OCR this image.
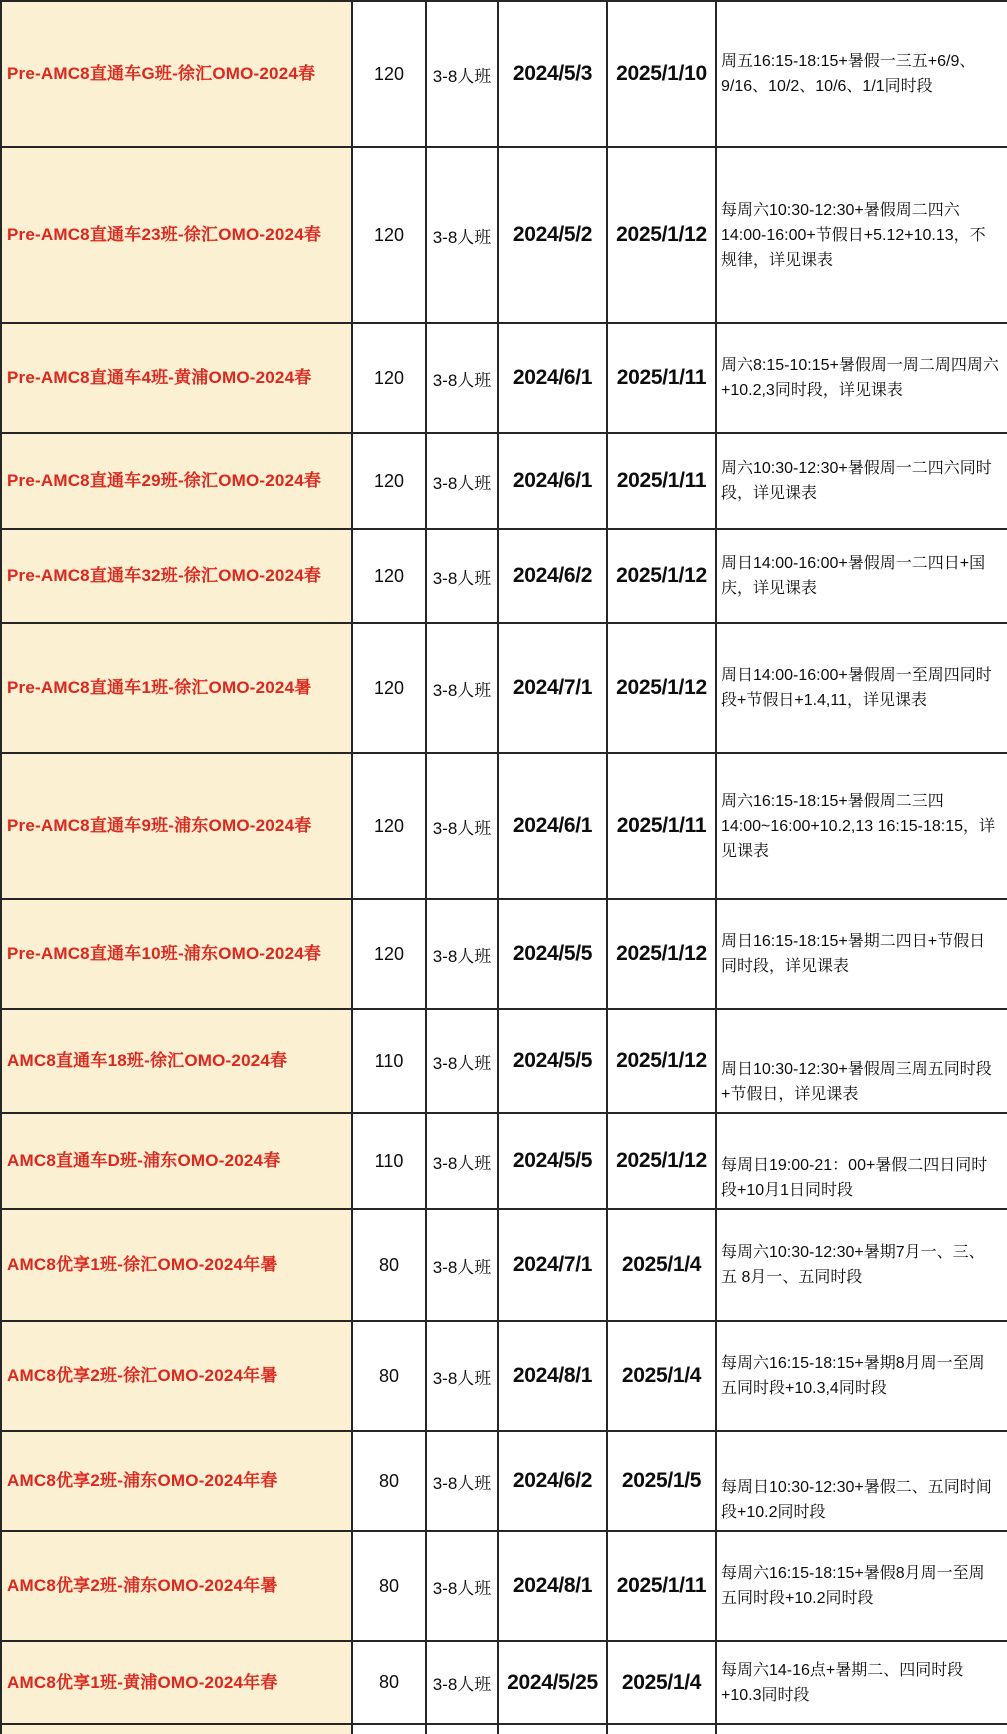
Pre-AMC8直通车G班-徐汇OMO-2024春	120 3-8人班 2024/5/3 2025/1/10
周五16:15-18:15+暑假一三五+6/9、9/16、10/2、10/6、1/1同时段
Pre-AMC8直通车23班-徐汇OMO-2024春	120 3-8人班 2024/5/2 2025/1/12
每周六10:30-12:30+暑假周二四六14:00-16:00+节假日+5.12+10.13，不规律，详见课表
Pre-AMC8直通车4班-黄浦OMO-2024春	120 3-8人班 2024/6/1 2025/1/11
周六8:15-10:15+暑假周一周二周四周六+10.2,3同时段，详见课表
Pre-AMC8直通车29班-徐汇OMO-2024春	120 3-8人班 2024/6/1 2025/1/11
周六10:30-12:30+暑假周一二四六同时段，详见课表
Pre-AMC8直通车32班-徐汇OMO-2024春	120 3-8人班 2024/6/2 2025/1/12
周日14:00-16:00+暑假周一二四日+国庆，详见课表
Pre-AMC8直通车1班-徐汇OMO-2024暑	120 3-8人班 2024/7/1 2025/1/12
周日14:00-16:00+暑假周一至周四同时段+节假日+1.4,11，详见课表
Pre-AMC8直通车9班-浦东OMO-2024春	120 3-8人班 2024/6/1 2025/1/11
周六16:15-18:15+暑假周二三四14:00~16:00+10.2,13 16:15-18:15，详见课表
Pre-AMC8直通车10班-浦东OMO-2024春	120 3-8人班 2024/5/5 2025/1/12
周日16:15-18:15+暑期二四日+节假日同时段，详见课表
AMC8直通车18班-徐汇OMO-2024春	110 3-8人班 2024/5/5 2025/1/12 周日10:30-12:30+暑假周三周五同时段+节假日，详见课表
AMC8直通车D班-浦东OMO-2024春	110 3-8人班 2024/5/5 2025/1/12 每周日19:00-21：00+暑假二四日同时段+10月1日同时段
AMC8优享1班-徐汇OMO-2024年暑	80 3-8人班 2024/7/1 2025/1/4
每周六10:30-12:30+暑期7月一、三、五 8月一、五同时段
AMC8优享2班-徐汇OMO-2024年暑	80 3-8人班 2024/8/1 2025/1/4
每周六16:15-18:15+暑期8月周一至周五同时段+10.3,4同时段
AMC8优享2班-浦东OMO-2024年春	80 3-8人班 2024/6/2 2025/1/5 每周日10:30-12:30+暑假二、五同时间段+10.2同时段
AMC8优享2班-浦东OMO-2024年暑	80 3-8人班 2024/8/1 2025/1/11
每周六16:15-18:15+暑假8月周一至周五同时段+10.2同时段
AMC8优享1班-黄浦OMO-2024年春	80 3-8人班 2024/5/25 2025/1/4
每周六14-16点+暑期二、四同时段+10.3同时段
